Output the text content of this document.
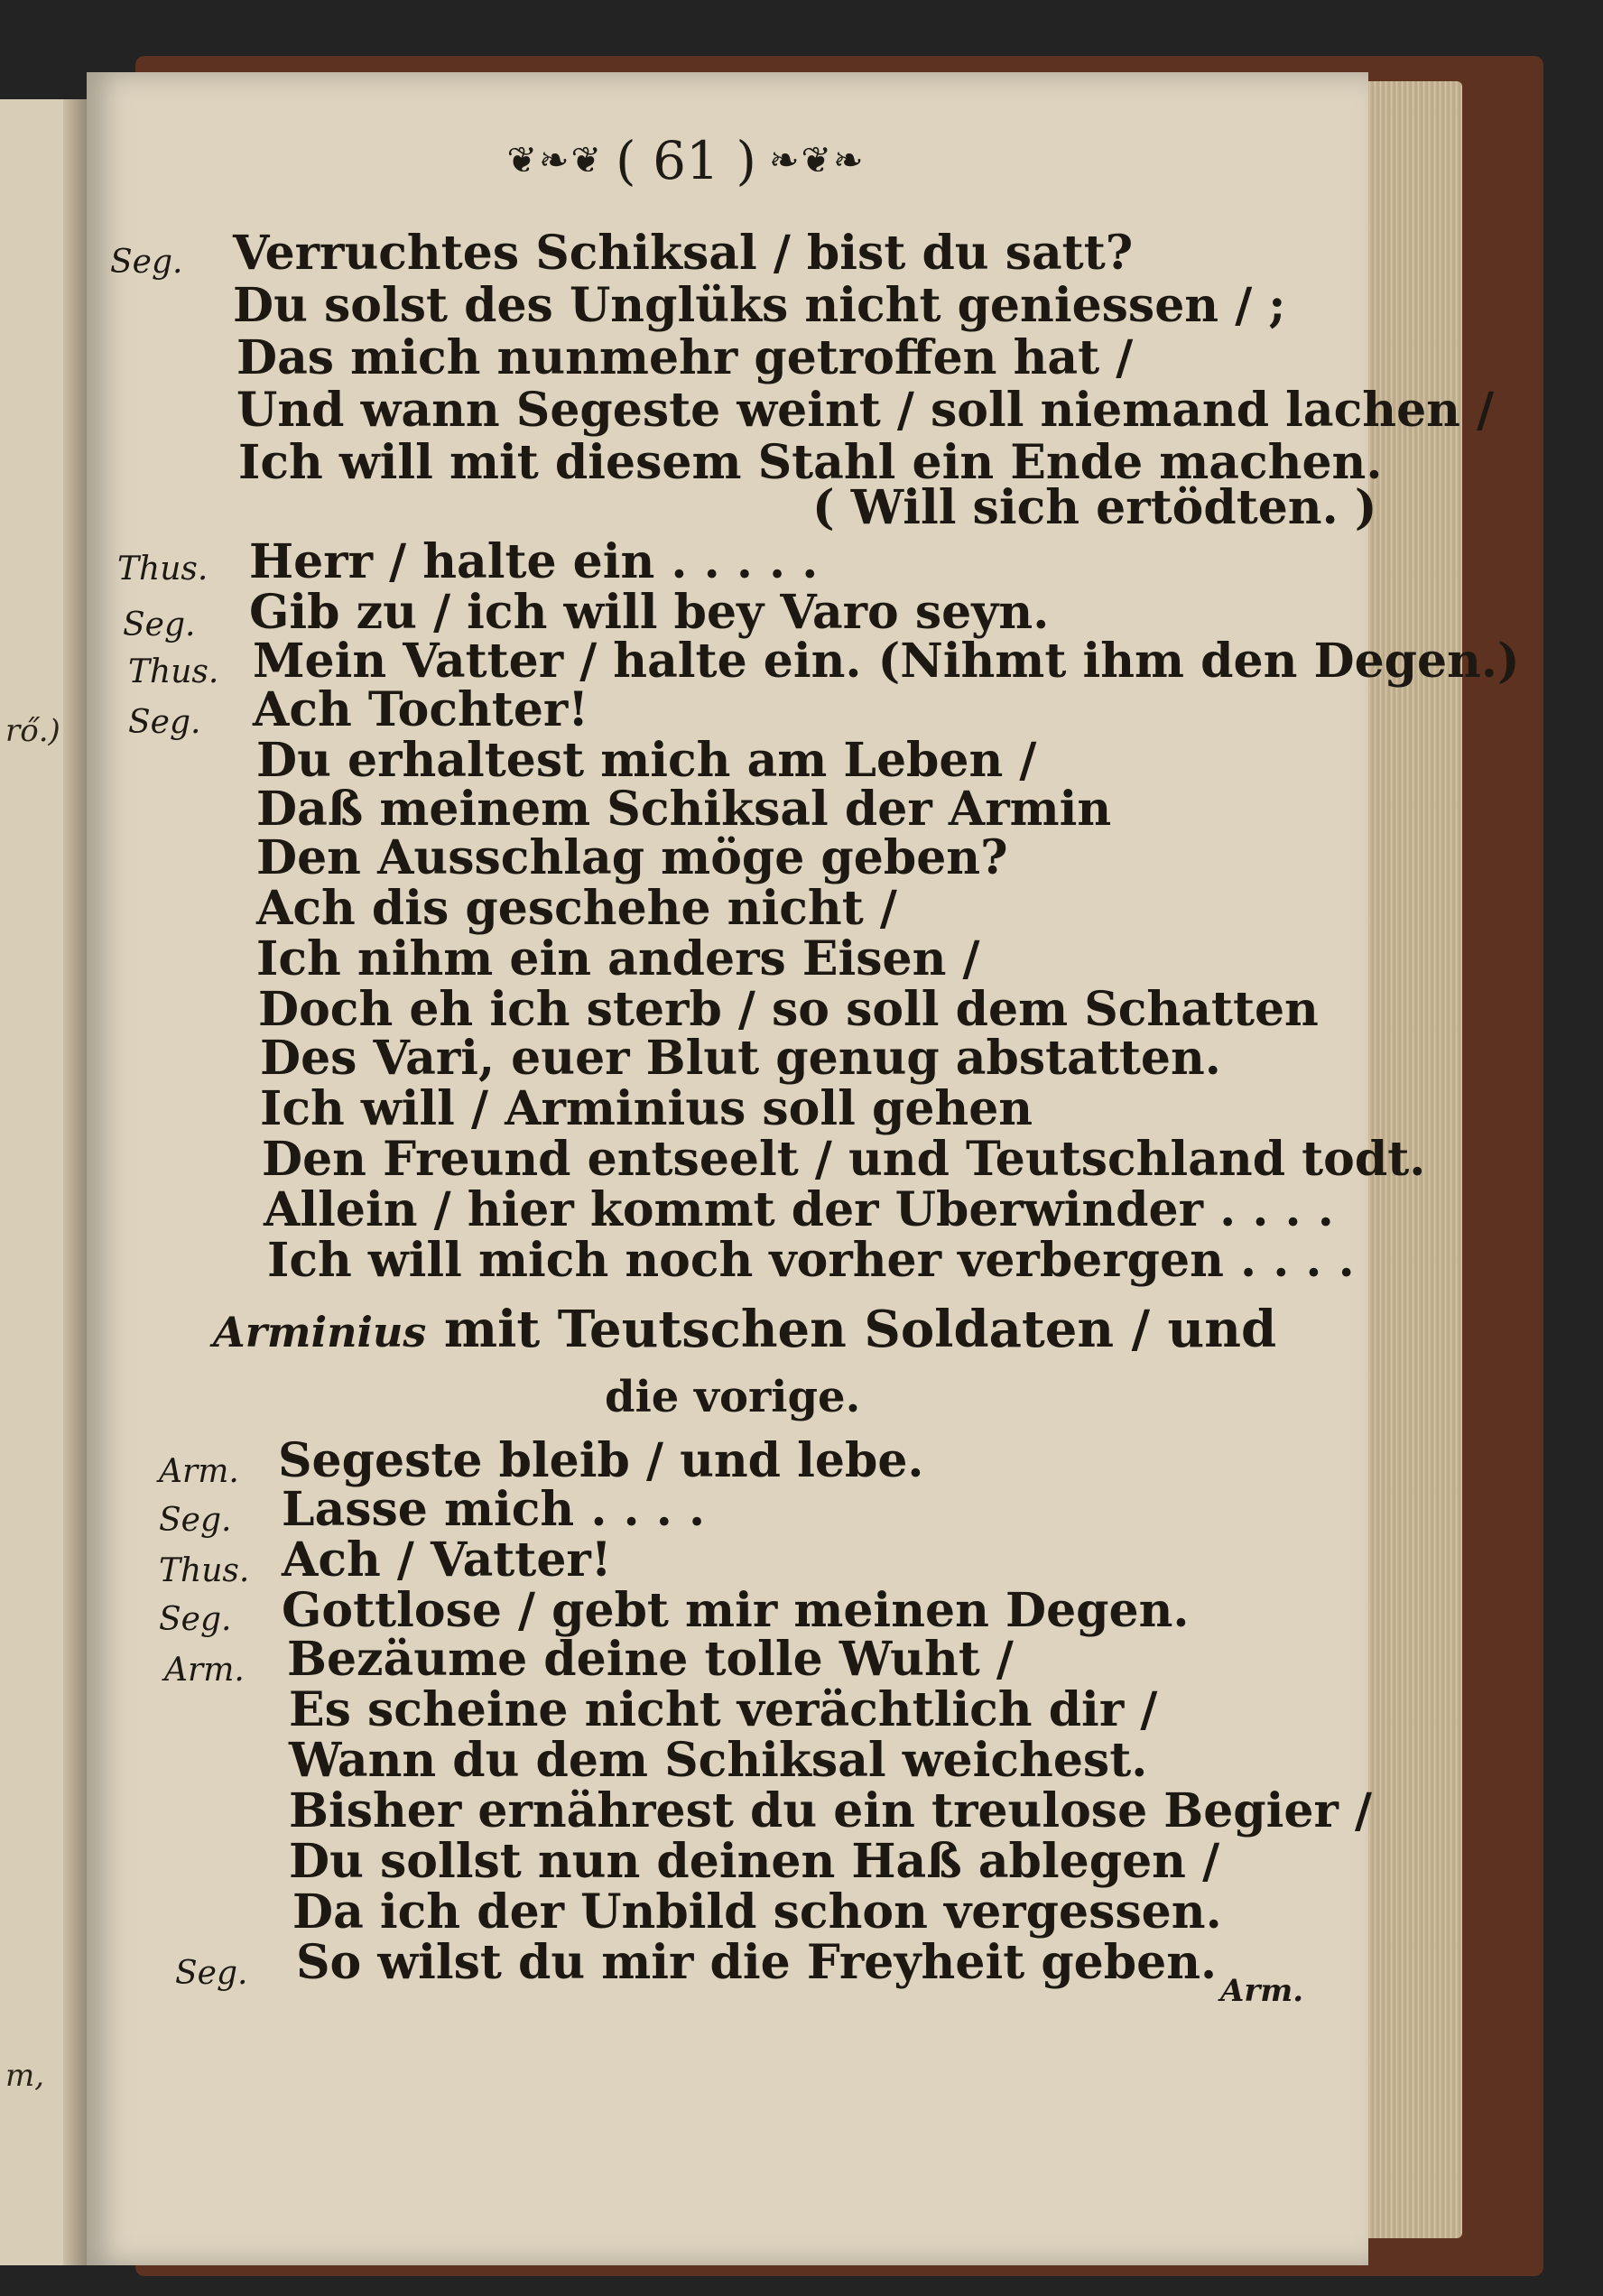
rő.)
m,
❦❧❦ ( 61 ) ❧❦❧
Seg. Verruchtes Schiksal / bist du satt?
Du solst des Unglüks nicht geniessen / ;
Das mich nunmehr getroffen hat /
Und wann Segeste weint / soll niemand lachen /
Ich will mit diesem Stahl ein Ende machen.
( Will sich ertödten. )
Thus. Herr / halte ein . . . . .
Seg. Gib zu / ich will bey Varo seyn.
Thus. Mein Vatter / halte ein. (Nihmt ihm den Degen.)
Seg. Ach Tochter!
Du erhaltest mich am Leben /
Daß meinem Schiksal der Armin
Den Ausschlag möge geben?
Ach dis geschehe nicht /
Ich nihm ein anders Eisen /
Doch eh ich sterb / so soll dem Schatten
Des Vari, euer Blut genug abstatten.
Ich will / Arminius soll gehen
Den Freund entseelt / und Teutschland todt.
Allein / hier kommt der Uberwinder . . . .
Ich will mich noch vorher verbergen . . . .
Arminius mit Teutschen Soldaten / und
die vorige.
Arm. Segeste bleib / und lebe.
Seg. Lasse mich . . . .
Thus. Ach / Vatter!
Seg. Gottlose / gebt mir meinen Degen.
Arm. Bezäume deine tolle Wuht /
Es scheine nicht verächtlich dir /
Wann du dem Schiksal weichest.
Bisher ernährest du ein treulose Begier /
Du sollst nun deinen Haß ablegen /
Da ich der Unbild schon vergessen.
Seg. So wilst du mir die Freyheit geben.
Arm.
